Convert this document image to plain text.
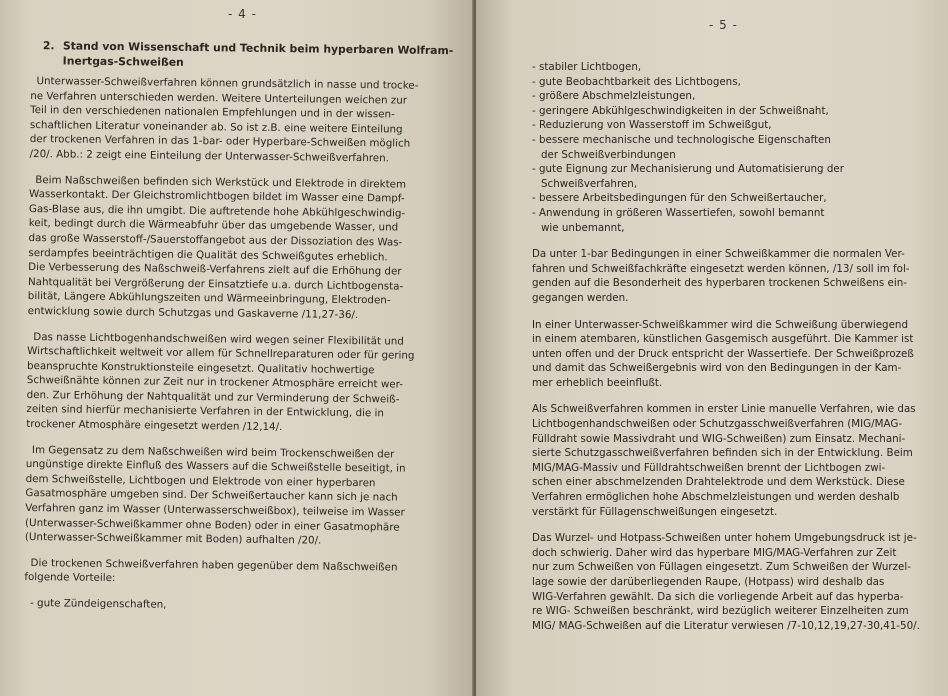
- 4 -
2. Stand von Wissenschaft und Technik beim hyperbaren Wolfram-
Inertgas-Schweißen
Unterwasser-Schweißverfahren können grundsätzlich in nasse und trocke-
ne Verfahren unterschieden werden. Weitere Unterteilungen weichen zur
Teil in den verschiedenen nationalen Empfehlungen und in der wissen-
schaftlichen Literatur voneinander ab. So ist z.B. eine weitere Einteilung
der trockenen Verfahren in das 1-bar- oder Hyperbare-Schweißen möglich
/20/. Abb.: 2 zeigt eine Einteilung der Unterwasser-Schweißverfahren.
Beim Naßschweißen befinden sich Werkstück und Elektrode in direktem
Wasserkontakt. Der Gleichstromlichtbogen bildet im Wasser eine Dampf-
Gas-Blase aus, die ihn umgibt. Die auftretende hohe Abkühlgeschwindig-
keit, bedingt durch die Wärmeabfuhr über das umgebende Wasser, und
das große Wasserstoff-/Sauerstoffangebot aus der Dissoziation des Was-
serdampfes beeinträchtigen die Qualität des Schweißgutes erheblich.
Die Verbesserung des Naßschweiß-Verfahrens zielt auf die Erhöhung der
Nahtqualität bei Vergrößerung der Einsatztiefe u.a. durch Lichtbogensta-
bilität, Längere Abkühlungszeiten und Wärmeeinbringung, Elektroden-
entwicklung sowie durch Schutzgas und Gaskaverne /11,27-36/.
Das nasse Lichtbogenhandschweißen wird wegen seiner Flexibilität und
Wirtschaftlichkeit weltweit vor allem für Schnellreparaturen oder für gering
beanspruchte Konstruktionsteile eingesetzt. Qualitativ hochwertige
Schweißnähte können zur Zeit nur in trockener Atmosphäre erreicht wer-
den. Zur Erhöhung der Nahtqualität und zur Verminderung der Schweiß-
zeiten sind hierfür mechanisierte Verfahren in der Entwicklung, die in
trockener Atmosphäre eingesetzt werden /12,14/.
Im Gegensatz zu dem Naßschweißen wird beim Trockenschweißen der
ungünstige direkte Einfluß des Wassers auf die Schweißstelle beseitigt, in
dem Schweißstelle, Lichtbogen und Elektrode von einer hyperbaren
Gasatmosphäre umgeben sind. Der Schweißertaucher kann sich je nach
Verfahren ganz im Wasser (Unterwasserschweißbox), teilweise im Wasser
(Unterwasser-Schweißkammer ohne Boden) oder in einer Gasatmophäre
(Unterwasser-Schweißkammer mit Boden) aufhalten /20/.
Die trockenen Schweißverfahren haben gegenüber dem Naßschweißen
folgende Vorteile:
- gute Zündeigenschaften,
- 5 -
- stabiler Lichtbogen,
- gute Beobachtbarkeit des Lichtbogens,
- größere Abschmelzleistungen,
- geringere Abkühlgeschwindigkeiten in der Schweißnaht,
- Reduzierung von Wasserstoff im Schweißgut,
- bessere mechanische und technologische Eigenschaften
der Schweißverbindungen
- gute Eignung zur Mechanisierung und Automatisierung der
Schweißverfahren,
- bessere Arbeitsbedingungen für den Schweißertaucher,
- Anwendung in größeren Wassertiefen, sowohl bemannt
wie unbemannt,
Da unter 1-bar Bedingungen in einer Schweißkammer die normalen Ver-
fahren und Schweißfachkräfte eingesetzt werden können, /13/ soll im fol-
genden auf die Besonderheit des hyperbaren trockenen Schweißens ein-
gegangen werden.
In einer Unterwasser-Schweißkammer wird die Schweißung überwiegend
in einem atembaren, künstlichen Gasgemisch ausgeführt. Die Kammer ist
unten offen und der Druck entspricht der Wassertiefe. Der Schweißprozeß
und damit das Schweißergebnis wird von den Bedingungen in der Kam-
mer erheblich beeinflußt.
Als Schweißverfahren kommen in erster Linie manuelle Verfahren, wie das
Lichtbogenhandschweißen oder Schutzgasschweißverfahren (MIG/MAG-
Fülldraht sowie Massivdraht und WIG-Schweißen) zum Einsatz. Mechani-
sierte Schutzgasschweißverfahren befinden sich in der Entwicklung. Beim
MIG/MAG-Massiv und Fülldrahtschweißen brennt der Lichtbogen zwi-
schen einer abschmelzenden Drahtelektrode und dem Werkstück. Diese
Verfahren ermöglichen hohe Abschmelzleistungen und werden deshalb
verstärkt für Füllagenschweißungen eingesetzt.
Das Wurzel- und Hotpass-Schweißen unter hohem Umgebungsdruck ist je-
doch schwierig. Daher wird das hyperbare MIG/MAG-Verfahren zur Zeit
nur zum Schweißen von Füllagen eingesetzt. Zum Schweißen der Wurzel-
lage sowie der darüberliegenden Raupe, (Hotpass) wird deshalb das
WIG-Verfahren gewählt. Da sich die vorliegende Arbeit auf das hyperba-
re WIG- Schweißen beschränkt, wird bezüglich weiterer Einzelheiten zum
MIG/ MAG-Schweißen auf die Literatur verwiesen /7-10,12,19,27-30,41-50/.
